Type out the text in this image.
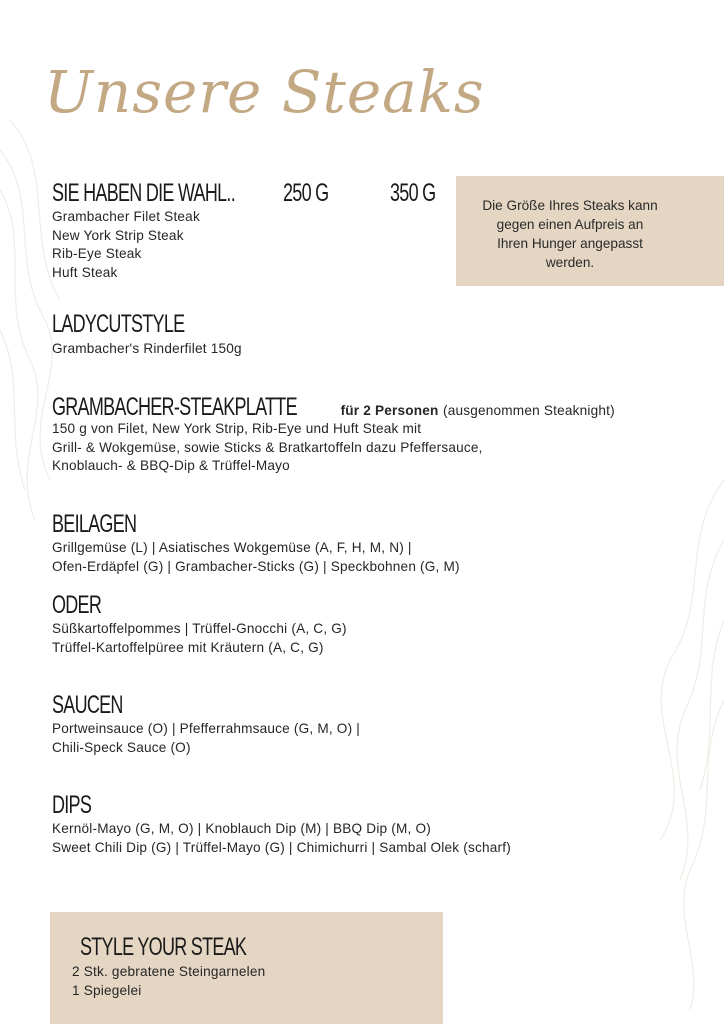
Unsere Steaks
SIE HABEN DIE WAHL..	250 G	350 G
Grambacher Filet Steak
New York Strip Steak
Rib-Eye Steak
Huft Steak
Die Größe Ihres Steaks kann
gegen einen Aufpreis an
Ihren Hunger angepasst
werden.
LADYCUTSTYLE
Grambacher's Rinderfilet 150g
GRAMBACHER-STEAKPLATTE	für 2 Personen (ausgenommen Steaknight)
150 g von Filet, New York Strip, Rib-Eye und Huft Steak mit
Grill- & Wokgemüse, sowie Sticks & Bratkartoffeln dazu Pfeffersauce,
Knoblauch- & BBQ-Dip & Trüffel-Mayo
BEILAGEN
Grillgemüse (L) | Asiatisches Wokgemüse (A, F, H, M, N) |
Ofen-Erdäpfel (G) | Grambacher-Sticks (G) | Speckbohnen (G, M)
ODER
Süßkartoffelpommes | Trüffel-Gnocchi (A, C, G)
Trüffel-Kartoffelpüree mit Kräutern (A, C, G)
SAUCEN
Portweinsauce (O) | Pfefferrahmsauce (G, M, O) |
Chili-Speck Sauce (O)
DIPS
Kernöl-Mayo (G, M, O) | Knoblauch Dip (M) | BBQ Dip (M, O)
Sweet Chili Dip (G) | Trüffel-Mayo (G) | Chimichurri | Sambal Olek (scharf)
STYLE YOUR STEAK
2 Stk. gebratene Steingarnelen
1 Spiegelei
